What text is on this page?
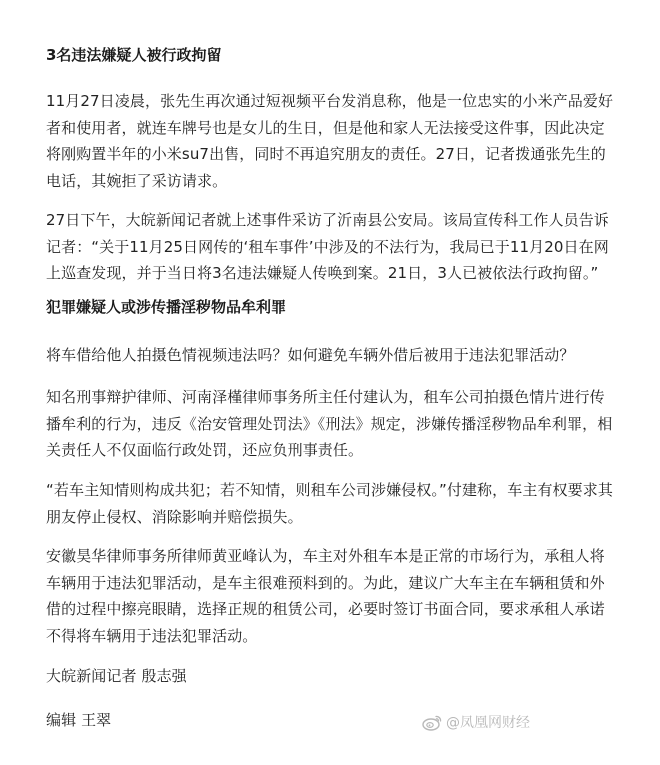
3名违法嫌疑人被行政拘留

11月27日凌晨，张先生再次通过短视频平台发消息称，他是一位忠实的小米产品爱好者和使用者，就连车牌号也是女儿的生日，但是他和家人无法接受这件事，因此决定将刚购置半年的小米su7出售，同时不再追究朋友的责任。27日，记者拨通张先生的电话，其婉拒了采访请求。

27日下午，大皖新闻记者就上述事件采访了沂南县公安局。该局宣传科工作人员告诉记者：“关于11月25日网传的‘租车事件’中涉及的不法行为，我局已于11月20日在网上巡查发现，并于当日将3名违法嫌疑人传唤到案。21日，3人已被依法行政拘留。”

犯罪嫌疑人或涉传播淫秽物品牟利罪

将车借给他人拍摄色情视频违法吗？如何避免车辆外借后被用于违法犯罪活动？

知名刑事辩护律师、河南泽槿律师事务所主任付建认为，租车公司拍摄色情片进行传播牟利的行为，违反《治安管理处罚法》《刑法》规定，涉嫌传播淫秽物品牟利罪，相关责任人不仅面临行政处罚，还应负刑事责任。

“若车主知情则构成共犯；若不知情，则租车公司涉嫌侵权。”付建称，车主有权要求其朋友停止侵权、消除影响并赔偿损失。

安徽昊华律师事务所律师黄亚峰认为，车主对外租车本是正常的市场行为，承租人将车辆用于违法犯罪活动，是车主很难预料到的。为此，建议广大车主在车辆租赁和外借的过程中擦亮眼睛，选择正规的租赁公司，必要时签订书面合同，要求承租人承诺不得将车辆用于违法犯罪活动。

大皖新闻记者 殷志强

编辑 王翠	@凤凰网财经
